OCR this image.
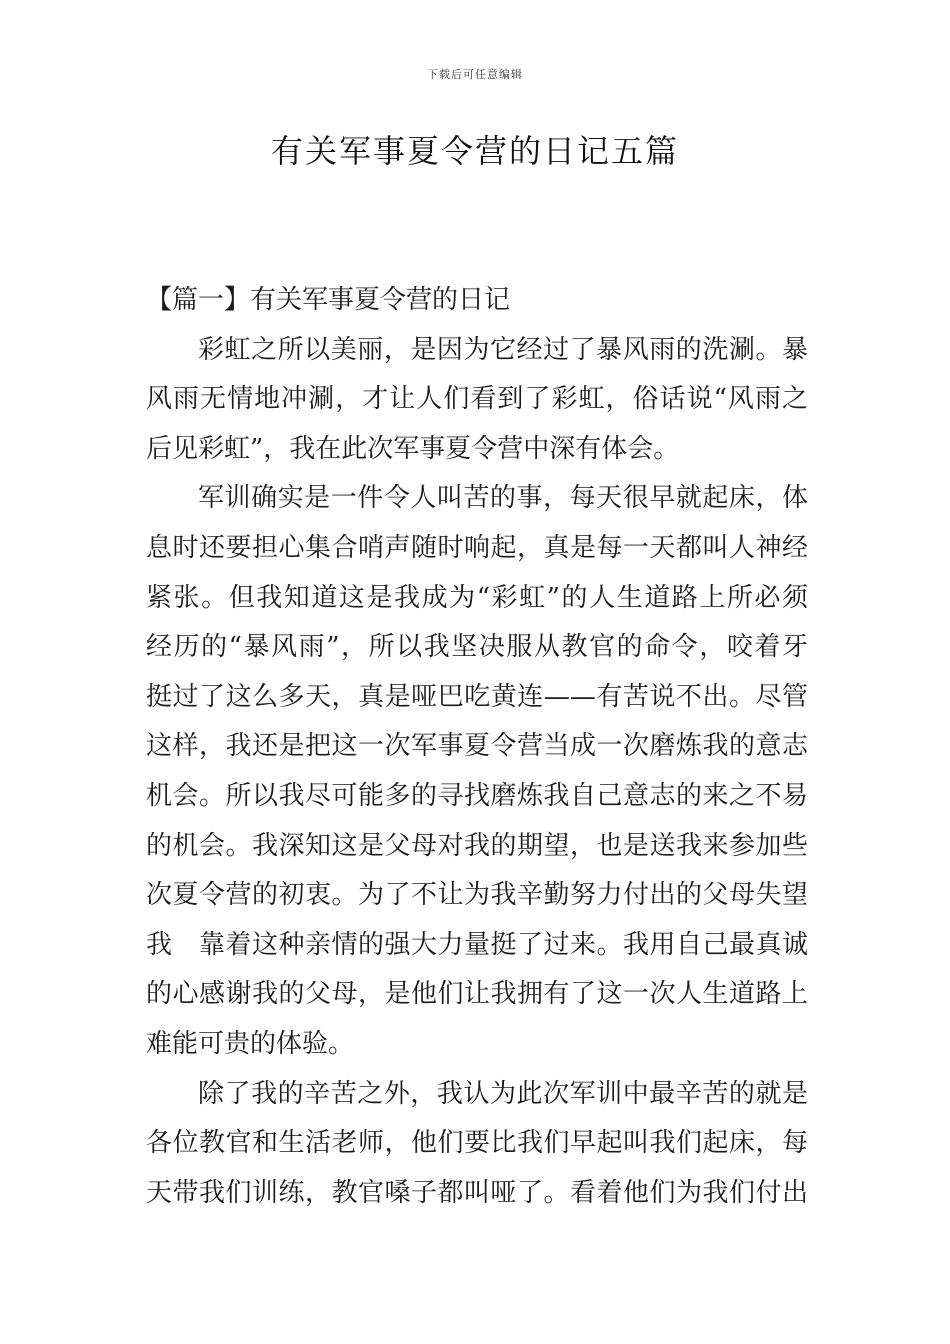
下载后可任意编辑
有关军事夏令营的日记五篇

【篇一】有关军事夏令营的日记

彩虹之所以美丽，是因为它经过了暴风雨的洗涮。暴
风雨无情地冲涮，才让人们看到了彩虹，俗话说“风雨之
后见彩虹”，我在此次军事夏令营中深有体会。

军训确实是一件令人叫苦的事，每天很早就起床，体
息时还要担心集合哨声随时响起，真是每一天都叫人神经
紧张。但我知道这是我成为“彩虹”的人生道路上所必须
经历的“暴风雨”，所以我坚决服从教官的命令，咬着牙
挺过了这么多天，真是哑巴吃黄连——有苦说不出。尽管
这样，我还是把这一次军事夏令营当成一次磨炼我的意志
机会。所以我尽可能多的寻找磨炼我自己意志的来之不易
的机会。我深知这是父母对我的期望，也是送我来参加些
次夏令营的初衷。为了不让为我辛勤努力付出的父母失望
我　靠着这种亲情的强大力量挺了过来。我用自己最真诚
的心感谢我的父母，是他们让我拥有了这一次人生道路上
难能可贵的体验。

除了我的辛苦之外，我认为此次军训中最辛苦的就是
各位教官和生活老师，他们要比我们早起叫我们起床，每
天带我们训练，教官嗓子都叫哑了。看着他们为我们付出
